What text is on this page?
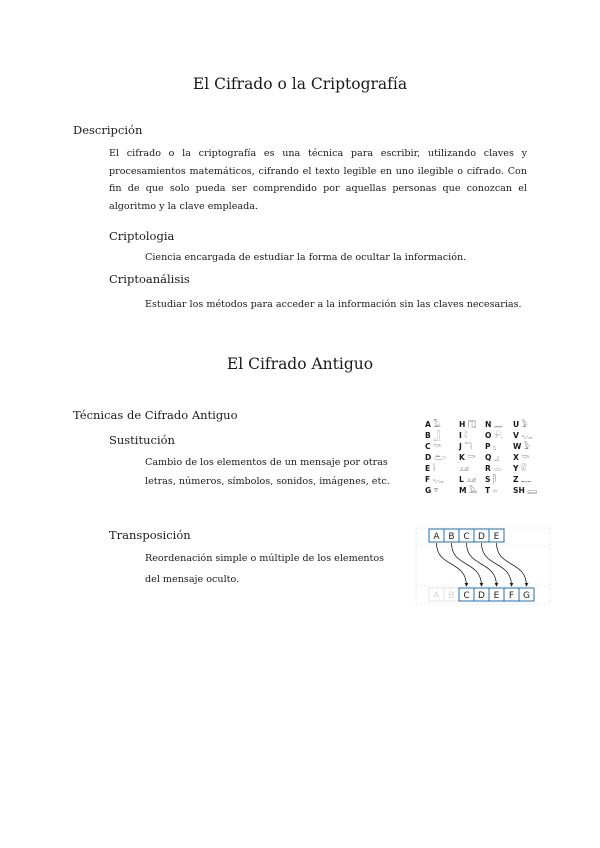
El Cifrado o la Criptografía
Descripción
El cifrado o la criptografía es una técnica para escribir, utilizando claves y procesamientos matemáticos, cifrando el texto legible en uno ilegible o cifrado. Con fin de que solo pueda ser comprendido por aquellas personas que conozcan el algoritmo y la clave empleada.
Criptologia
Ciencia encargada de estudiar la forma de ocultar la información.
Criptoanálisis
Estudiar los métodos para acceder a la información sin las claves necesarias.
El Cifrado Antiguo
Técnicas de Cifrado Antiguo
Sustitución
Cambio de los elementos de un mensaje por otras
letras, números, símbolos, sonidos, imágenes, etc.
Transposición
Reordenación simple o múltiple de los elementos
del mensaje oculto.
A 𓄿
B 𓃀
C 𓎡
D 𓂧
E 𓇋
F 𓆑
G 𓎼
H 𓉔
I 𓇋
J 𓆓
K 𓎡
𓃭
L 𓃭
M 𓅓
N 𓈖
O 𓍯
P 𓊪
Q 𓈎
R 𓂋
S 𓋴
T 𓏏
U 𓅱
V 𓆑
W 𓅱
X 𓎡
Y 𓇌
Z 𓊃
SH 𓈙
A B C D E
A B C D E F G
